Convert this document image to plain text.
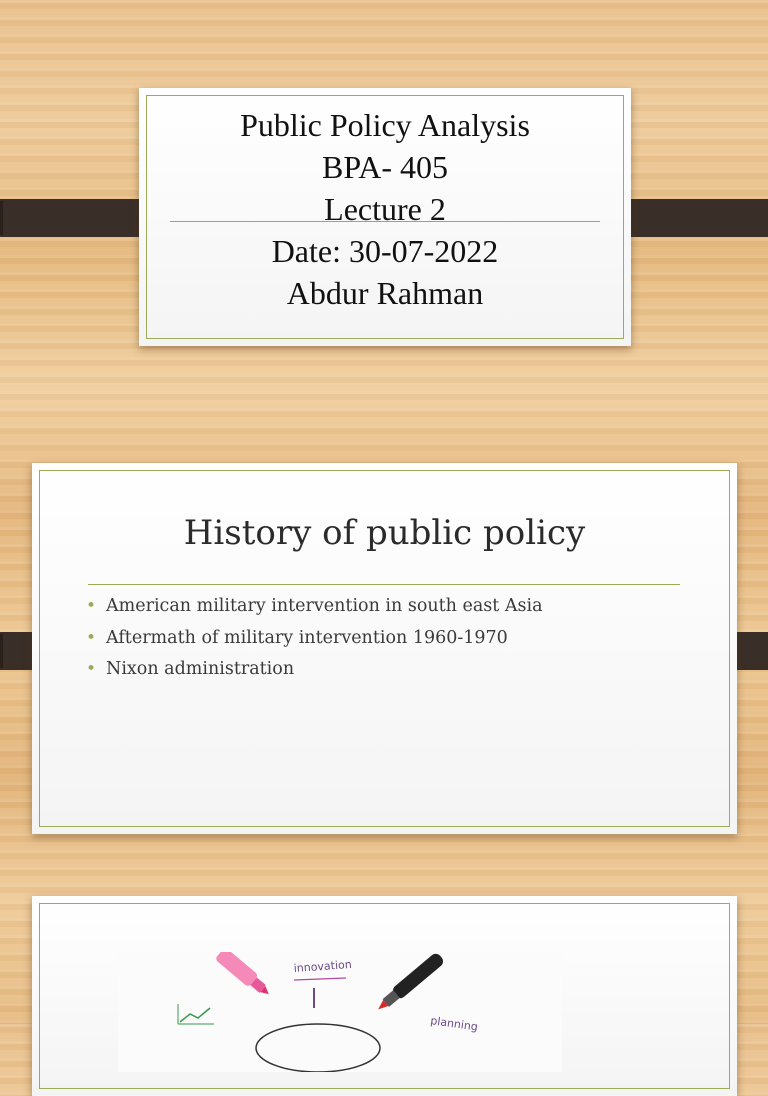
Public Policy Analysis
BPA- 405
Lecture 2
Date: 30-07-2022
Abdur Rahman
History of public policy
• American military intervention in south east Asia
• Aftermath of military intervention 1960-1970
• Nixon administration
innovation
planning
